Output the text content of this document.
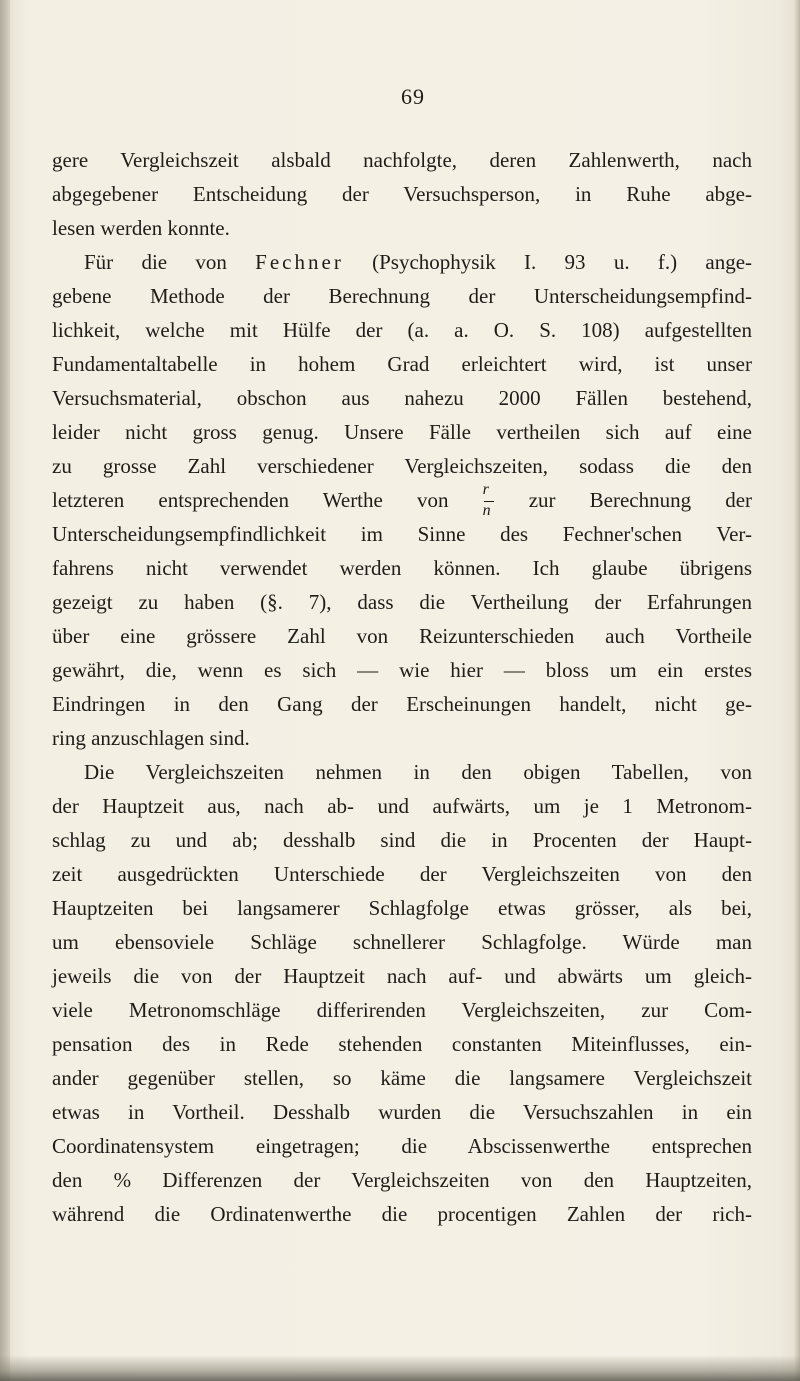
69
gere Vergleichszeit alsbald nachfolgte, deren Zahlenwerth, nach
abgegebener Entscheidung der Versuchsperson, in Ruhe abge-
lesen werden konnte.
Für die von Fechner (Psychophysik I. 93 u. f.) ange-
gebene Methode der Berechnung der Unterscheidungsempfind-
lichkeit, welche mit Hülfe der (a. a. O. S. 108) aufgestellten
Fundamentaltabelle in hohem Grad erleichtert wird, ist unser
Versuchsmaterial, obschon aus nahezu 2000 Fällen bestehend,
leider nicht gross genug. Unsere Fälle vertheilen sich auf eine
zu grosse Zahl verschiedener Vergleichszeiten, sodass die den
letzteren entsprechenden Werthe von $\frac{r}{n}$ zur Berechnung der
Unterscheidungsempfindlichkeit im Sinne des Fechner'schen Ver-
fahrens nicht verwendet werden können. Ich glaube übrigens
gezeigt zu haben (§. 7), dass die Vertheilung der Erfahrungen
über eine grössere Zahl von Reizunterschieden auch Vortheile
gewährt, die, wenn es sich — wie hier — bloss um ein erstes
Eindringen in den Gang der Erscheinungen handelt, nicht ge-
ring anzuschlagen sind.
Die Vergleichszeiten nehmen in den obigen Tabellen, von
der Hauptzeit aus, nach ab- und aufwärts, um je 1 Metronom-
schlag zu und ab; desshalb sind die in Procenten der Haupt-
zeit ausgedrückten Unterschiede der Vergleichszeiten von den
Hauptzeiten bei langsamerer Schlagfolge etwas grösser, als bei,
um ebensoviele Schläge schnellerer Schlagfolge. Würde man
jeweils die von der Hauptzeit nach auf- und abwärts um gleich-
viele Metronomschläge differirenden Vergleichszeiten, zur Com-
pensation des in Rede stehenden constanten Miteinflusses, ein-
ander gegenüber stellen, so käme die langsamere Vergleichszeit
etwas in Vortheil. Desshalb wurden die Versuchszahlen in ein
Coordinatensystem eingetragen; die Abscissenwerthe entsprechen
den % Differenzen der Vergleichszeiten von den Hauptzeiten,
während die Ordinatenwerthe die procentigen Zahlen der rich-
